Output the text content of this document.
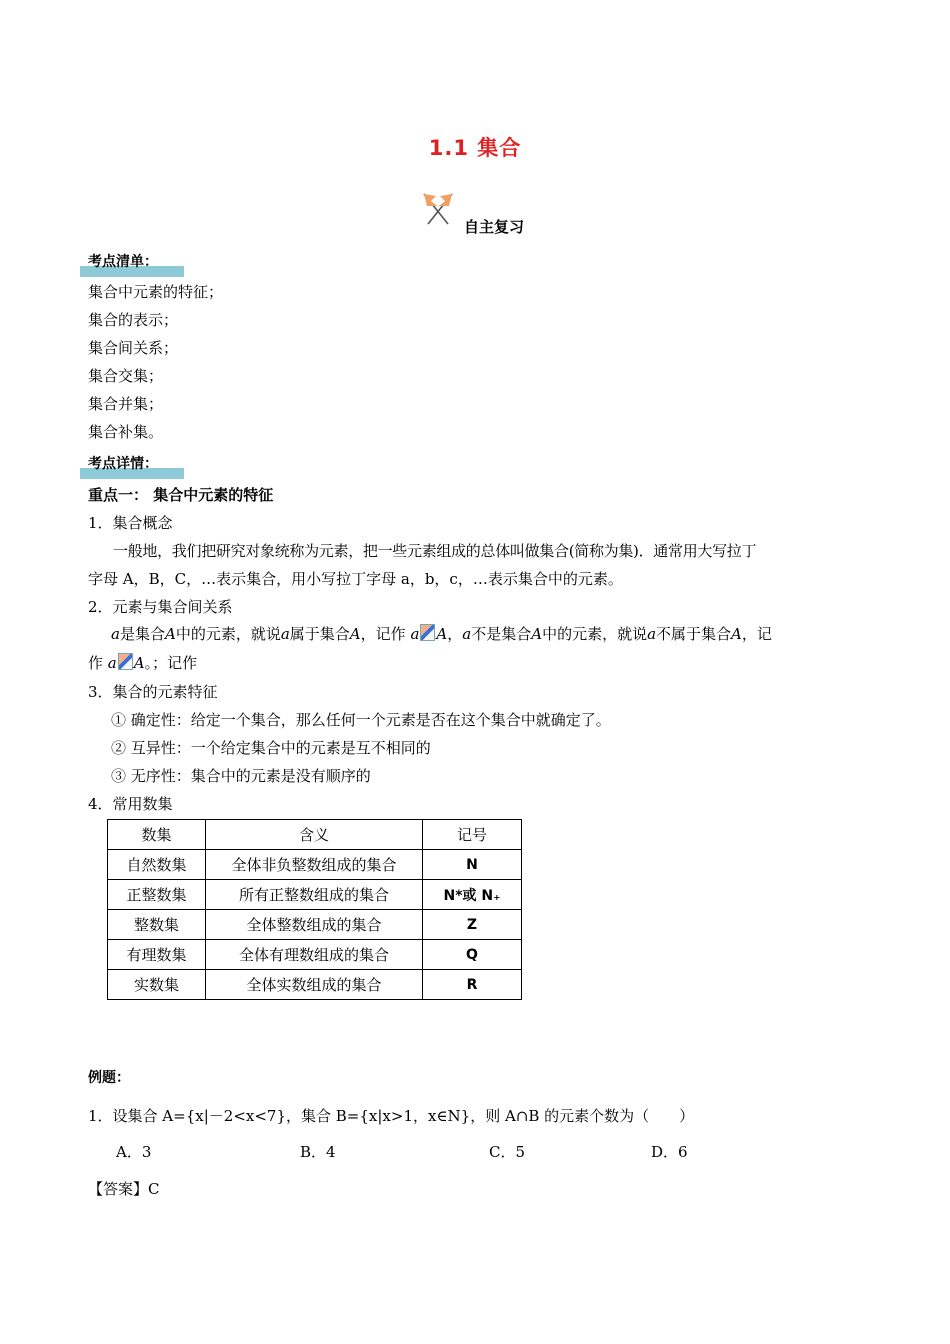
1.1 集合
自主复习
考点清单：
集合中元素的特征；
集合的表示；
集合间关系；
集合交集；
集合并集；
集合补集。
考点详情：
重点一： 集合中元素的特征
1．集合概念
一般地，我们把研究对象统称为元素，把一些元素组成的总体叫做集合(简称为集)．通常用大写拉丁
字母 A，B，C，…表示集合，用小写拉丁字母 a，b，c，…表示集合中的元素。
2．元素与集合间关系
a是集合A中的元素，就说a属于集合A，记作 a A，a不是集合A中的元素，就说a不属于集合A，记
作 a A。；记作
3．集合的元素特征
① 确定性：给定一个集合，那么任何一个元素是否在这个集合中就确定了。
② 互异性：一个给定集合中的元素是互不相同的
③ 无序性：集合中的元素是没有顺序的
4．常用数集
数集	含义	记号
自然数集	全体非负整数组成的集合	N
正整数集	所有正整数组成的集合	N*或 N₊
整数集	全体整数组成的集合	Z
有理数集	全体有理数组成的集合	Q
实数集	全体实数组成的集合	R
例题：
1．设集合 A={x|－2<x<7}，集合 B={x|x>1，x∈N}，则 A∩B 的元素个数为（　　）
A．3	B．4	C．5	D．6
【答案】C
